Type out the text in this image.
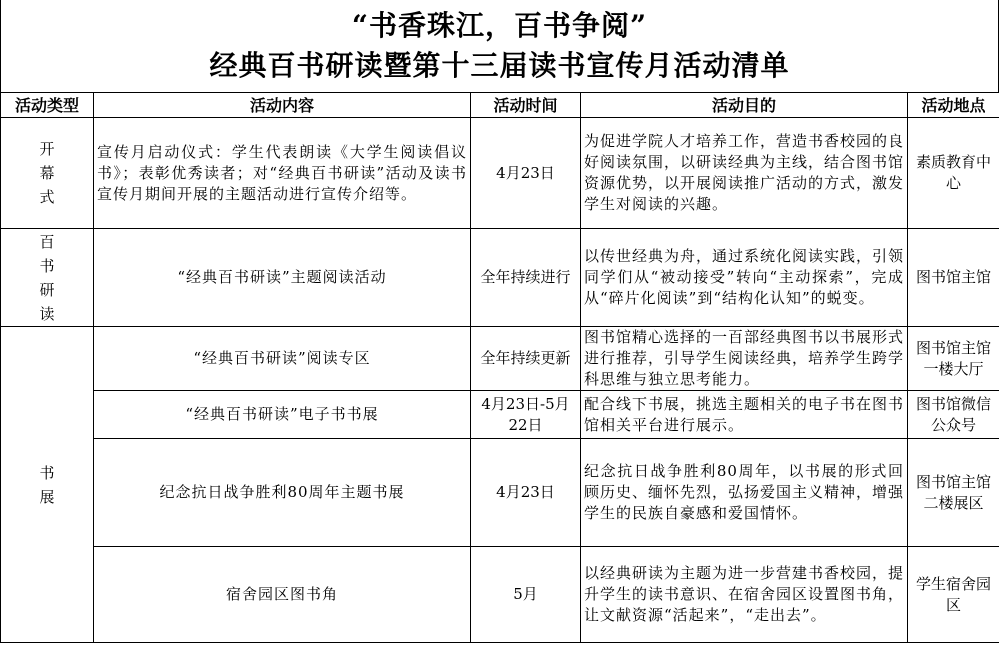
“书香珠江，百书争阅”
经典百书研读暨第十三届读书宣传月活动清单
活动类型	活动内容	活动时间	活动目的	活动地点
开幕式	宣传月启动仪式：学生代表朗读《大学生阅读倡议书》；表彰优秀读者；对“经典百书研读”活动及读书宣传月期间开展的主题活动进行宣传介绍等。	4月23日	为促进学院人才培养工作，营造书香校园的良好阅读氛围，以研读经典为主线，结合图书馆资源优势，以开展阅读推广活动的方式，激发学生对阅读的兴趣。	素质教育中心
百书研读	“经典百书研读”主题阅读活动	全年持续进行	以传世经典为舟，通过系统化阅读实践，引领同学们从“被动接受”转向“主动探索”，完成从“碎片化阅读”到“结构化认知”的蜕变。	图书馆主馆
书展	“经典百书研读”阅读专区	全年持续更新	图书馆精心选择的一百部经典图书以书展形式进行推荐，引导学生阅读经典，培养学生跨学科思维与独立思考能力。	图书馆主馆一楼大厅
	“经典百书研读”电子书书展	4月23日-5月22日	配合线下书展，挑选主题相关的电子书在图书馆相关平台进行展示。	图书馆微信公众号
	纪念抗日战争胜利80周年主题书展	4月23日	纪念抗日战争胜利80周年，以书展的形式回顾历史、缅怀先烈，弘扬爱国主义精神，增强学生的民族自豪感和爱国情怀。	图书馆主馆二楼展区
	宿舍园区图书角	5月	以经典研读为主题为进一步营建书香校园，提升学生的读书意识、在宿舍园区设置图书角，让文献资源“活起来”，“走出去”。	学生宿舍园区
